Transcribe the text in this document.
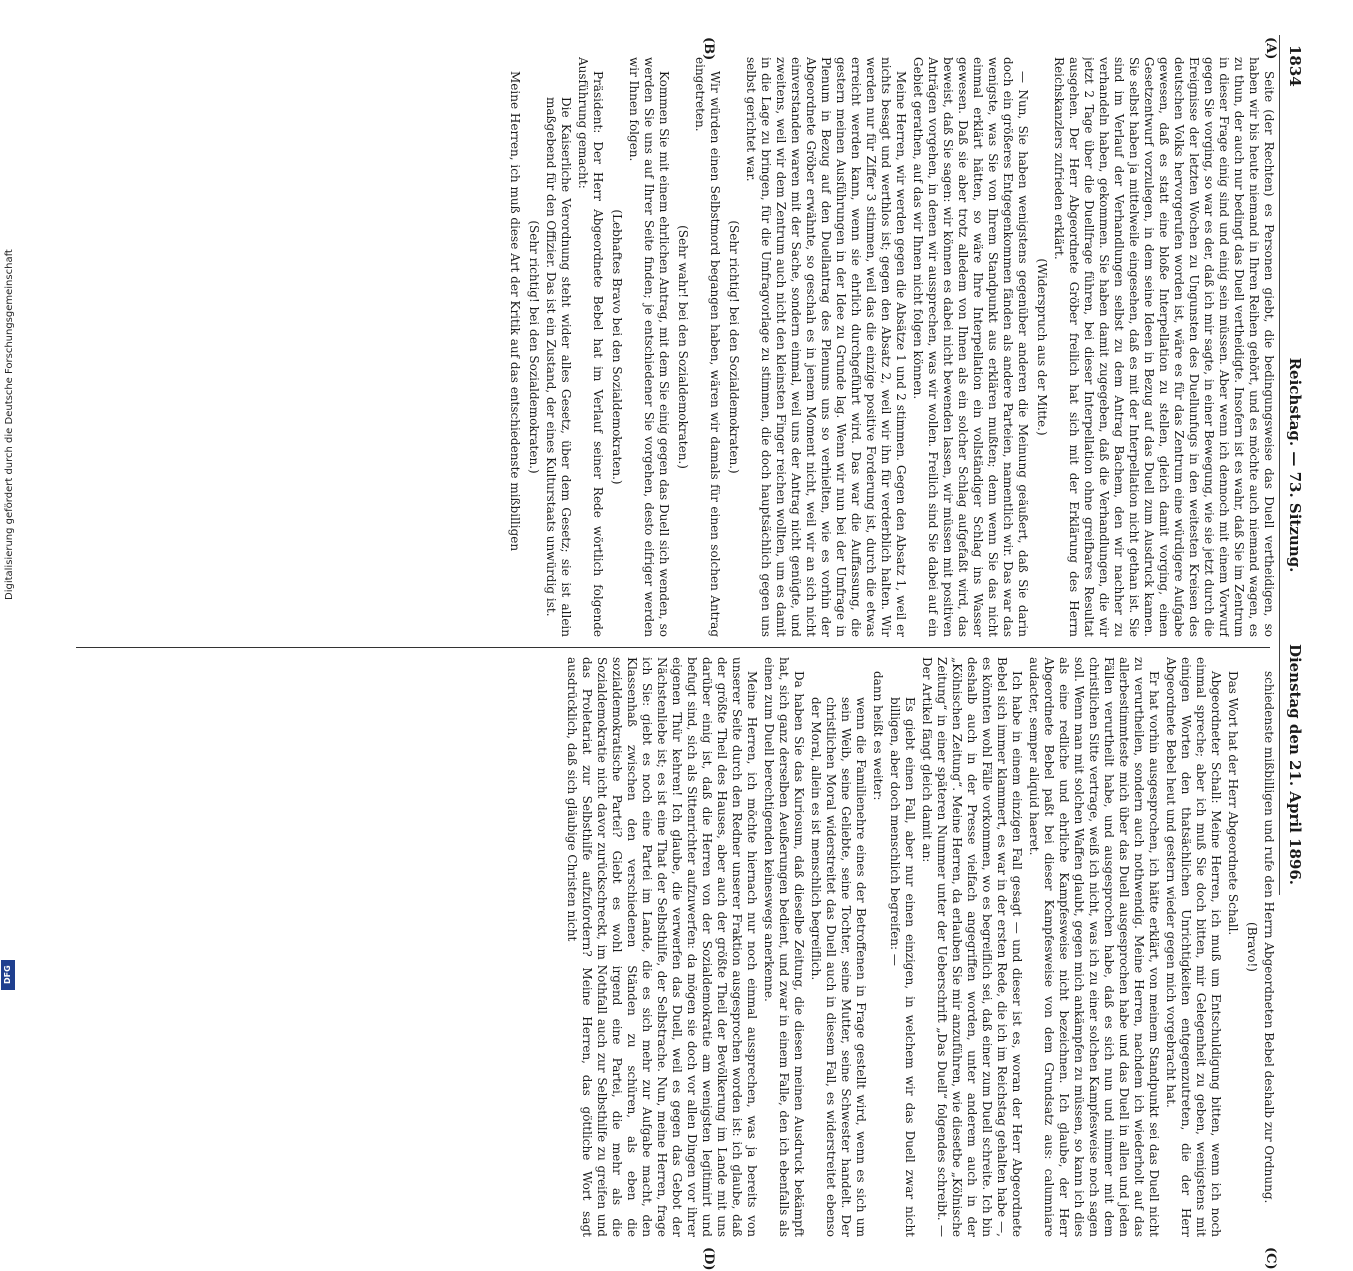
1834
Reichstag. — 73. Sitzung.
Dienstag den 21. April 1896.
(A)
(B)
(C)
(D)

Seite (der Rechten) es Personen giebt, die bedingungsweise das Duell vertheidigen, so haben wir bis heute niemand in Ihren Reihen gehört, und es möchte auch niemand wagen, es zu thun, der auch nur bedingt das Duell vertheidigte. Insofern ist es wahr, daß Sie im Zentrum in dieser Frage einig sind und einig sein müssen. Aber wenn ich dennoch mit einem Vorwurf gegen Sie vorging, so war es der, daß ich mir sagte, in einer Bewegung, wie sie jetzt durch die Ereignisse der letzten Wochen zu Ungunsten des Duellunfugs in den weitesten Kreisen des deutschen Volks hervorgerufen worden ist, wäre es für das Zentrum eine würdigere Aufgabe gewesen, daß es statt eine bloße Interpellation zu stellen, gleich damit vorging, einen Gesetzentwurf vorzulegen, in dem seine Ideen in Bezug auf das Duell zum Ausdruck kamen. Sie selbst haben ja mittelweile eingesehen, daß es mit der Interpellation nicht gethan ist. Sie sind im Verlauf der Verhandlungen selbst zu dem Antrag Bachem, den wir nachher zu verhandeln haben, gekommen. Sie haben damit zugegeben, daß die Verhandlungen, die wir jetzt 2 Tage über die Duellfrage führen, bei dieser Interpellation ohne greifbares Resultat ausgehen. Der Herr Abgeordnete Gröber freilich hat sich mit der Erklärung des Herrn Reichskanzlers zufrieden erklärt.

(Widerspruch aus der Mitte.)

— Nun, Sie haben wenigstens gegenüber anderen die Meinung geäußert, daß Sie darin doch ein größeres Entgegenkommen fänden als andere Parteien, namentlich wir. Das war das wenigste, was Sie von Ihrem Standpunkt aus erklären mußten; denn wenn Sie das nicht einmal erklärt hätten, so wäre Ihre Interpellation ein vollständiger Schlag ins Wasser gewesen. Daß sie aber trotz alledem von Ihnen als ein solcher Schlag aufgefaßt wird, das beweist, daß Sie sagen: wir können es dabei nicht bewenden lassen, wir müssen mit positiven Anträgen vorgehen, in denen wir aussprechen, was wir wollen. Freilich sind Sie dabei auf ein Gebiet gerathen, auf das wir Ihnen nicht folgen können.

Meine Herren, wir werden gegen die Absätze 1 und 2 stimmen. Gegen den Absatz 1, weil er nichts besagt und werthlos ist; gegen den Absatz 2, weil wir ihn für verderblich halten. Wir werden nur für Ziffer 3 stimmen, weil das die einzige positive Forderung ist, durch die etwas erreicht werden kann, wenn sie ehrlich durchgeführt wird. Das war die Auffassung, die gestern meinen Ausführungen in der Idee zu Grunde lag. Wenn wir nun bei der Umfrage in Plenum in Bezug auf den Duellantrag des Plenums uns so verhielten, wie es vorhin der Abgeordnete Gröber erwähnte, so geschah es in jenem Moment nicht, weil wir an sich nicht einverstanden waren mit der Sache, sondern einmal, weil uns der Antrag nicht genügte, und zweitens, weil wir dem Zentrum auch nicht den kleinsten Finger reichen wollten, um es damit in die Lage zu bringen, für die Umfragvorlage zu stimmen, die doch hauptsächlich gegen uns selbst gerichtet war.

(Sehr richtig! bei den Sozialdemokraten.)

Wir würden einen Selbstmord begangen haben, wären wir damals für einen solchen Antrag eingetreten.

(Sehr wahr! bei den Sozialdemokraten.)

Kommen Sie mit einem ehrlichen Antrag, mit dem Sie einig gegen das Duell sich wenden, so werden Sie uns auf Ihrer Seite finden; je entschiedener Sie vorgehen, desto eifriger werden wir Ihnen folgen.

(Lebhaftes Bravo bei den Sozialdemokraten.)

Präsident: Der Herr Abgeordnete Bebel hat im Verlauf seiner Rede wörtlich folgende Ausführung gemacht:

Die Kaiserliche Verordnung steht wider alles Gesetz, über dem Gesetz; sie ist allein maßgebend für den Offizier. Das ist ein Zustand, der eines Kulturstaats unwürdig ist.

(Sehr richtig! bei den Sozialdemokraten.)

Meine Herren, ich muß diese Art der Kritik auf das entschiedenste mißbilligen

schiedenste mißbilligen und rufe den Herrn Abgeordneten Bebel deshalb zur Ordnung.

(Bravo!)

Das Wort hat der Herr Abgeordnete Schall.

Abgeordneter Schall: Meine Herren, ich muß um Entschuldigung bitten, wenn ich noch einmal spreche; aber ich muß Sie doch bitten, mir Gelegenheit zu geben, wenigstens mit einigen Worten den thatsächlichen Unrichtigkeiten entgegenzutreten, die der Herr Abgeordnete Bebel heut und gestern wieder gegen mich vorgebracht hat.

Er hat vorhin ausgesprochen, ich hätte erklärt, von meinem Standpunkt sei das Duell nicht zu verurtheilen, sondern auch nothwendig. Meine Herren, nachdem ich wiederholt auf das allerbestimmteste mich über das Duell ausgesprochen habe und das Duell in allen und jeden Fällen verurtheilt habe, und ausgesprochen habe, daß es sich nun und nimmer mit dem christlichen Sitte vertrage, weiß ich nicht, was ich zu einer solchen Kampfesweise noch sagen soll. Wenn man mit solchen Waffen glaubt, gegen mich ankämpfen zu müssen, so kann ich dies als eine redliche und ehrliche Kampfesweise nicht bezeichnen. Ich glaube, der Herr Abgeordnete Bebel paßt bei dieser Kampfesweise von dem Grundsatz aus: calumniare audacter, semper aliquid haeret.

Ich habe in einem einzigen Fall gesagt — und dieser ist es, woran der Herr Abgeordnete Bebel sich immer klammert, es war in der ersten Rede, die ich im Reichstag gehalten habe —, es könnten wohl Fälle vorkommen, wo es begreiflich sei, daß einer zum Duell schreite. Ich bin deshalb auch in der Presse vielfach angegriffen worden, unter anderem auch in der „Kölnischen Zeitung“. Meine Herren, da erlauben Sie mir anzuführen, wie diesetbe „Kölnische Zeitung“ in einer späteren Nummer unter der Ueberschrift „Das Duell“ folgendes schreibt. — Der Artikel fängt gleich damit an:

Es giebt einen Fall, aber nur einen einzigen, in welchem wir das Duell zwar nicht billigen, aber doch menschlich begreifen: —

dann heißt es weiter:

wenn die Familienehre eines der Betroffenen in Frage gestellt wird, wenn es sich um sein Weib, seine Geliebte, seine Tochter, seine Mutter, seine Schwester handelt. Der christlichen Moral widerstreitet das Duell auch in diesem Fall, es widerstreitet ebenso der Moral, allein es ist menschlich begreiflich.

Da haben Sie das Kuriosum, daß dieselbe Zeitung, die diesen meinen Ausdruck bekämpft hat, sich ganz derselben Aeußerungen bedient, und zwar in einem Falle, den ich ebenfalls als einen zum Duell berechtigenden keineswegs anerkenne.

Meine Herren, ich möchte hiernach nur noch einmal aussprechen, was ja bereits von unserer Seite durch den Redner unserer Fraktion ausgesprochen worden ist: ich glaube, daß der größte Theil des Hauses, aber auch der größte Theil der Bevölkerung im Lande mit uns darüber einig ist, daß die Herren von der Sozialdemokratie am wenigsten legitimirt und befugt sind, sich als Sittenrichter aufzuwerfen: da mögen sie doch vor allen Dingen vor ihrer eigenen Thür kehren! Ich glaube, die verwerfen das Duell, weil es gegen das Gebot der Nächstenliebe ist; es ist eine That der Selbsthilfe, der Selbstrache. Nun, meine Herren, frage ich Sie: giebt es noch eine Partei im Lande, die es sich mehr zur Aufgabe macht, den Klassenhaß zwischen den verschiedenen Ständen zu schüren, als eben die sozialdemokratische Partei? Giebt es wohl irgend eine Partei, die mehr als die Sozialdemokratie nicht davor zurückschreckt, im Nothfall auch zur Selbsthilfe zu greifen und das Proletariat zur Selbsthilfe aufzufordern? Meine Herren, das göttliche Wort sagt ausdrücklich, daß sich gläubige Christen nicht

Digitalisierung gefördert durch die Deutsche Forschungsgemeinschaft
DFG
